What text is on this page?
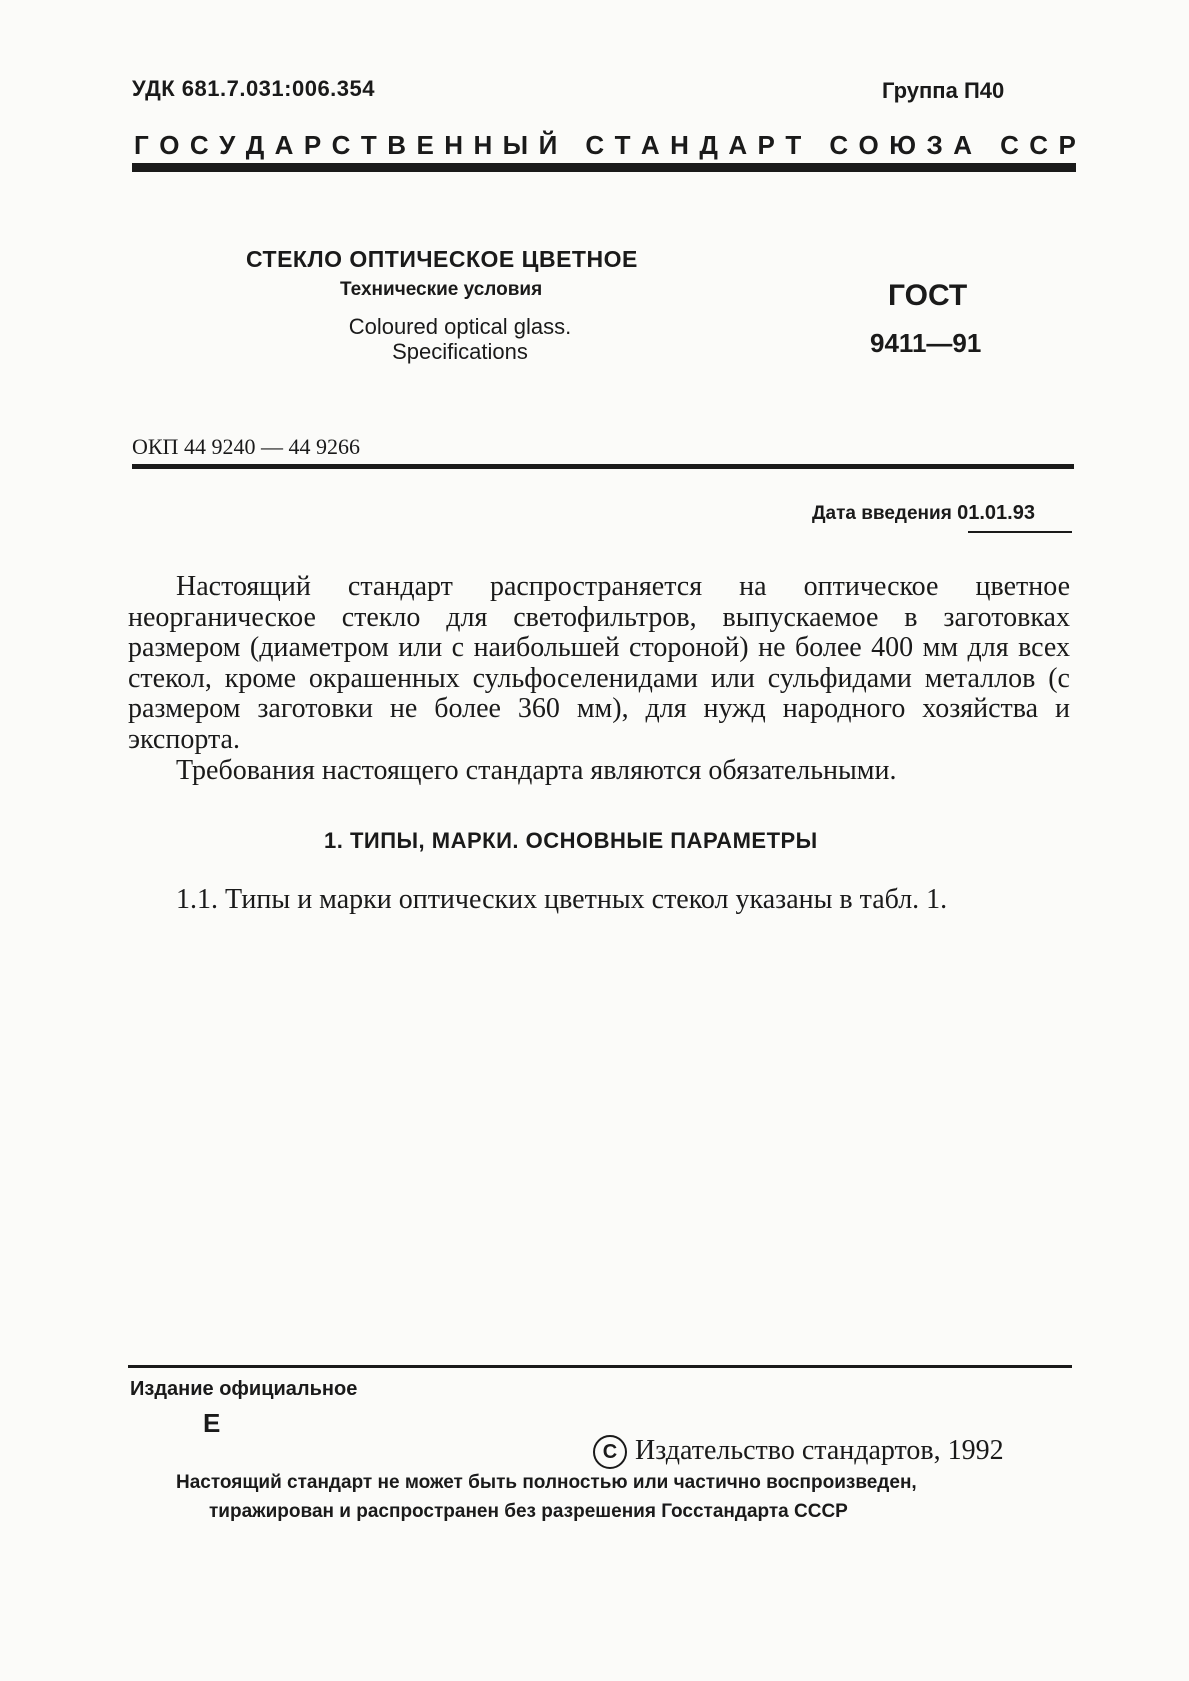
УДК 681.7.031:006.354	Группа П40
Г О С У Д А Р С Т В Е Н Н Ы Й
С Т А Н Д А Р Т
С О Ю З А
С С Р
СТЕКЛО ОПТИЧЕСКОЕ ЦВЕТНОЕ
Технические условия
Coloured optical glass.
Specifications
ГОСТ
9411—91
ОКП 44 9240 — 44 9266
Дата введения 01.01.93

Настоящий стандарт распространяется на оптическое цветное неорганическое стекло для светофильтров, выпускаемое в заготовках размером (диаметром или с наибольшей стороной) не более 400 мм для всех стекол, кроме окрашенных сульфоселенидами или сульфидами металлов (с размером заготовки не более 360 мм), для нужд народного хозяйства и экспорта.

Требования настоящего стандарта являются обязательными.

1. ТИПЫ, МАРКИ. ОСНОВНЫЕ ПАРАМЕТРЫ
1.1. Типы и марки оптических цветных стекол указаны в табл. 1.
Издание официальное
Е
C Издательство стандартов, 1992
Настоящий стандарт не может быть полностью или частично воспроизведен,
тиражирован и распространен без разрешения Госстандарта СССР
